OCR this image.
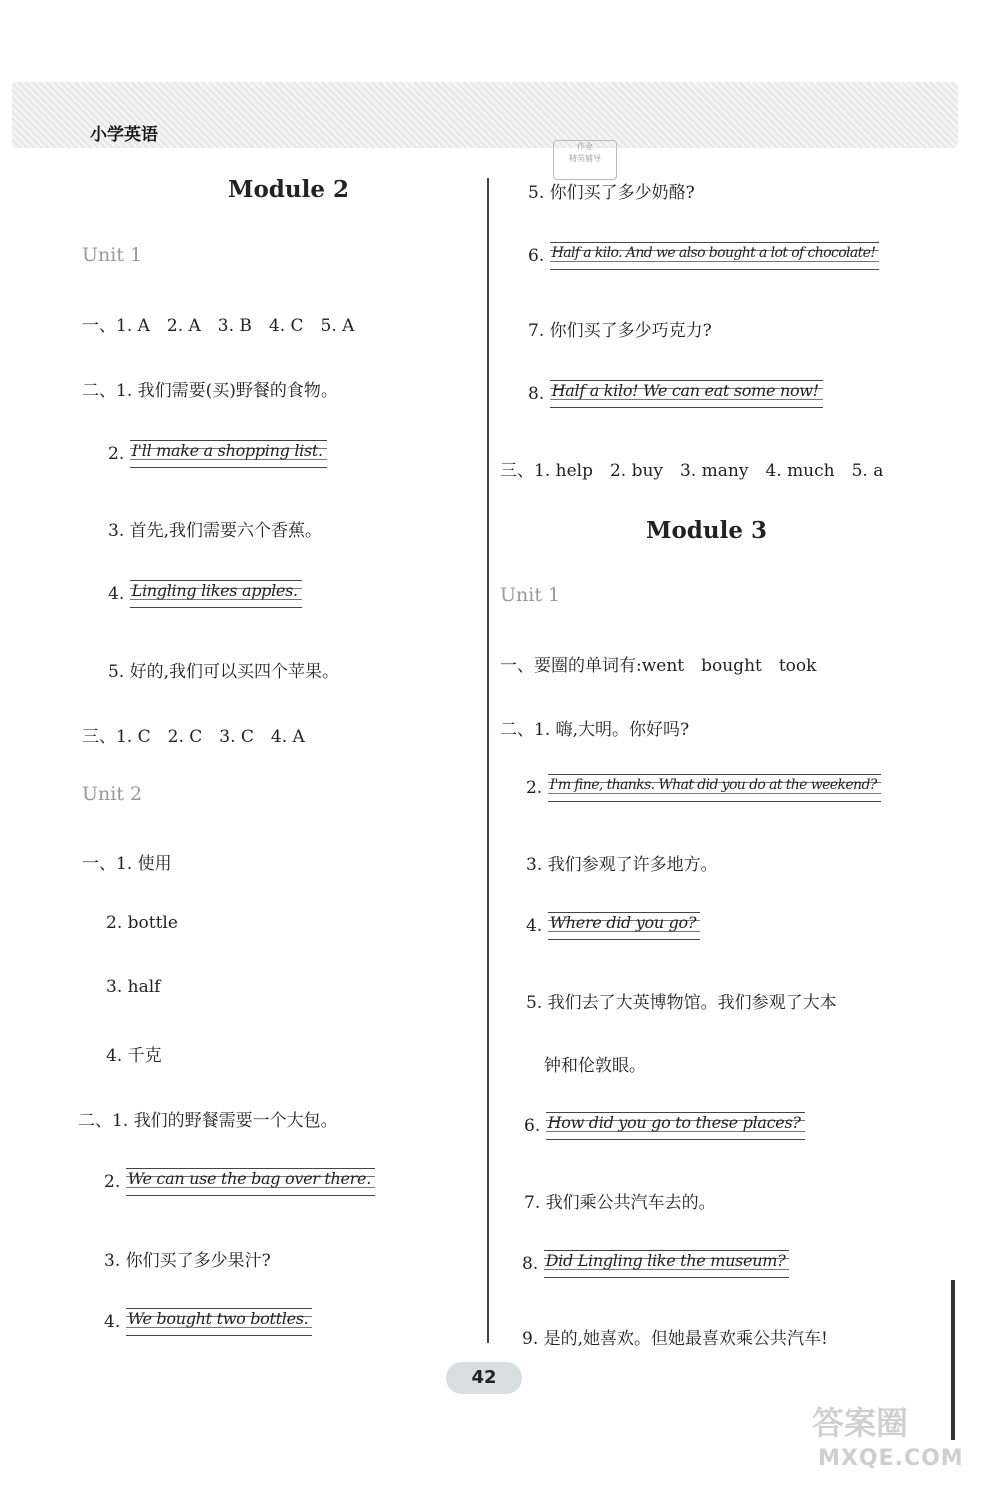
小学英语
作业
精英辅导
Module 2
Unit 1
一、1. A　2. A　3. B　4. C　5. A
二、1. 我们需要(买)野餐的食物。
2. I'll make a shopping list.
3. 首先,我们需要六个香蕉。
4. Lingling likes apples.
5. 好的,我们可以买四个苹果。
三、1. C　2. C　3. C　4. A
Unit 2
一、1. 使用
2. bottle
3. half
4. 千克
二、1. 我们的野餐需要一个大包。
2. We can use the bag over there.
3. 你们买了多少果汁?
4. We bought two bottles.
5. 你们买了多少奶酪?
6. Half a kilo. And we also bought a lot of chocolate!
7. 你们买了多少巧克力?
8. Half a kilo! We can eat some now!
三、1. help　2. buy　3. many　4. much　5. a
Module 3
Unit 1
一、要圈的单词有:went　bought　took
二、1. 嗨,大明。你好吗?
2. I'm fine, thanks. What did you do at the weekend?
3. 我们参观了许多地方。
4. Where did you go?
5. 我们去了大英博物馆。我们参观了大本
钟和伦敦眼。
6. How did you go to these places?
7. 我们乘公共汽车去的。
8. Did Lingling like the museum?
9. 是的,她喜欢。但她最喜欢乘公共汽车!
42
答案圈
MXQE.COM
